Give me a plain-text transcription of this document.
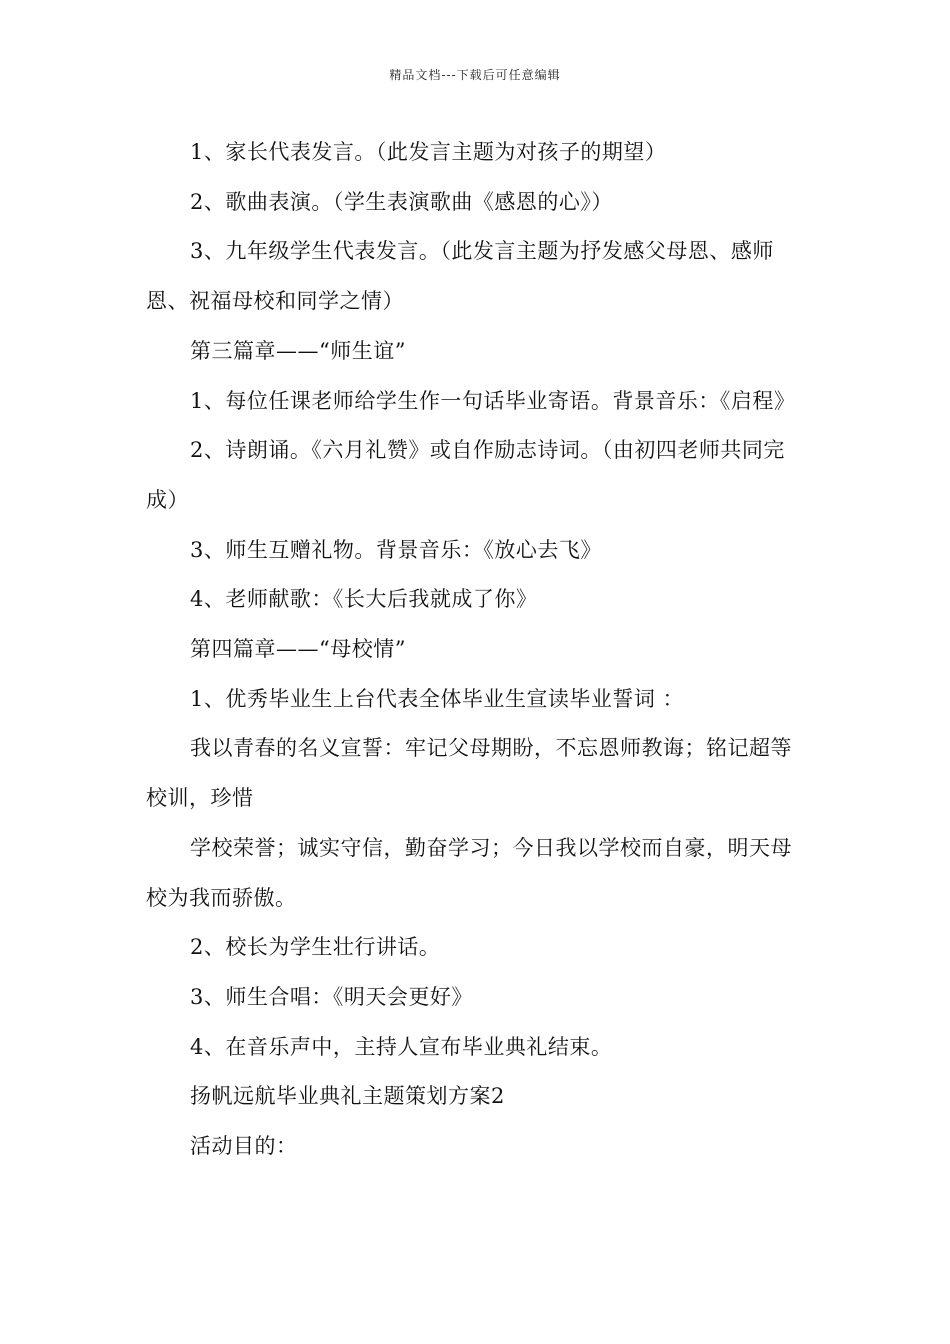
精品文档---下载后可任意编辑

1、家长代表发言。（此发言主题为对孩子的期望）

2、歌曲表演。（学生表演歌曲《感恩的心》）

3、九年级学生代表发言。（此发言主题为抒发感父母恩、感师恩、祝福母校和同学之情）

第三篇章——“师生谊”

1、每位任课老师给学生作一句话毕业寄语。背景音乐：《启程》

2、诗朗诵。《六月礼赞》或自作励志诗词。（由初四老师共同完成）

3、师生互赠礼物。背景音乐：《放心去飞》

4、老师献歌：《长大后我就成了你》

第四篇章——“母校情”

1、优秀毕业生上台代表全体毕业生宣读毕业誓词 ：

我以青春的名义宣誓：牢记父母期盼，不忘恩师教诲；铭记超等校训，珍惜

学校荣誉；诚实守信，勤奋学习；今日我以学校而自豪，明天母校为我而骄傲。

2、校长为学生壮行讲话。

3、师生合唱：《明天会更好》

4、在音乐声中，主持人宣布毕业典礼结束。

扬帆远航毕业典礼主题策划方案2

活动目的：
